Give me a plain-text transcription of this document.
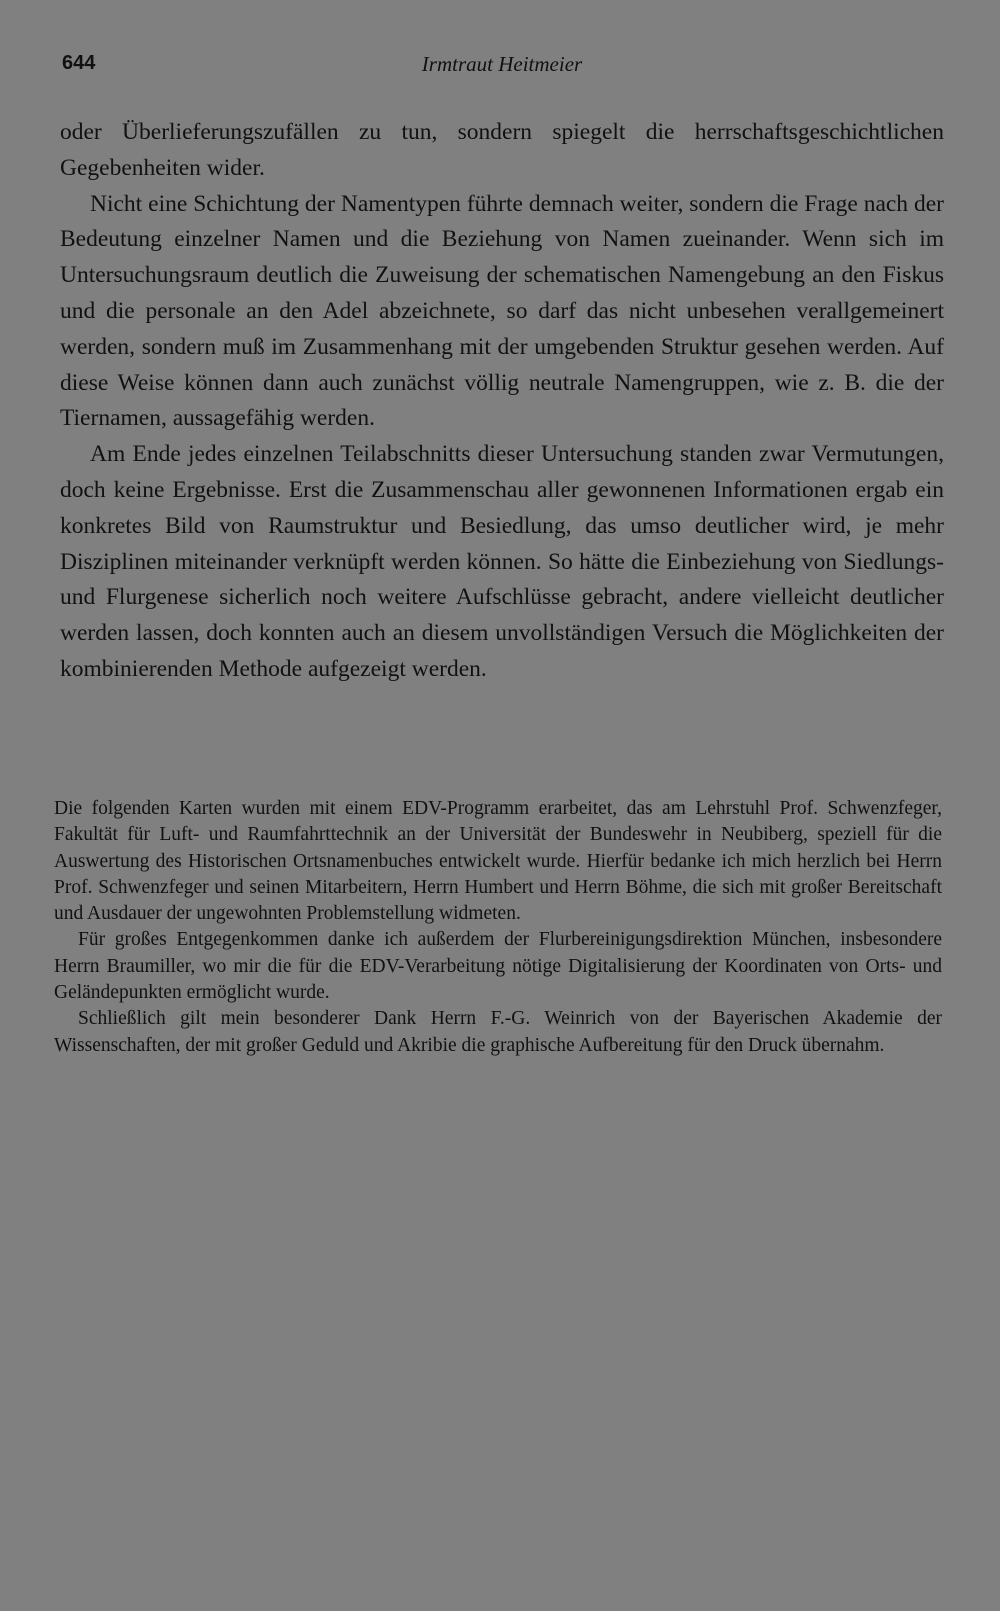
644	Irmtraut Heitmeier

oder Überlieferungszufällen zu tun, sondern spiegelt die herrschaftsgeschichtlichen Gegebenheiten wider.

Nicht eine Schichtung der Namentypen führte demnach weiter, sondern die Frage nach der Bedeutung einzelner Namen und die Beziehung von Namen zueinander. Wenn sich im Untersuchungsraum deutlich die Zuweisung der schematischen Namengebung an den Fiskus und die personale an den Adel abzeichnete, so darf das nicht unbesehen verallgemeinert werden, sondern muß im Zusammenhang mit der umgebenden Struktur gesehen werden. Auf diese Weise können dann auch zunächst völlig neutrale Namengruppen, wie z. B. die der Tiernamen, aussagefähig werden.

Am Ende jedes einzelnen Teilabschnitts dieser Untersuchung standen zwar Vermutungen, doch keine Ergebnisse. Erst die Zusammenschau aller gewonnenen Informationen ergab ein konkretes Bild von Raumstruktur und Besiedlung, das umso deutlicher wird, je mehr Disziplinen miteinander verknüpft werden können. So hätte die Einbeziehung von Siedlungs- und Flurgenese sicherlich noch weitere Aufschlüsse gebracht, andere vielleicht deutlicher werden lassen, doch konnten auch an diesem unvollständigen Versuch die Möglichkeiten der kombinierenden Methode aufgezeigt werden.

Die folgenden Karten wurden mit einem EDV-Programm erarbeitet, das am Lehrstuhl Prof. Schwenzfeger, Fakultät für Luft- und Raumfahrttechnik an der Universität der Bundeswehr in Neubiberg, speziell für die Auswertung des Historischen Ortsnamenbuches entwickelt wurde. Hierfür bedanke ich mich herzlich bei Herrn Prof. Schwenzfeger und seinen Mitarbeitern, Herrn Humbert und Herrn Böhme, die sich mit großer Bereitschaft und Ausdauer der ungewohnten Problemstellung widmeten.

Für großes Entgegenkommen danke ich außerdem der Flurbereinigungsdirektion München, insbesondere Herrn Braumiller, wo mir die für die EDV-Verarbeitung nötige Digitalisierung der Koordinaten von Orts- und Geländepunkten ermöglicht wurde.

Schließlich gilt mein besonderer Dank Herrn F.-G. Weinrich von der Bayerischen Akademie der Wissenschaften, der mit großer Geduld und Akribie die graphische Aufbereitung für den Druck übernahm.
